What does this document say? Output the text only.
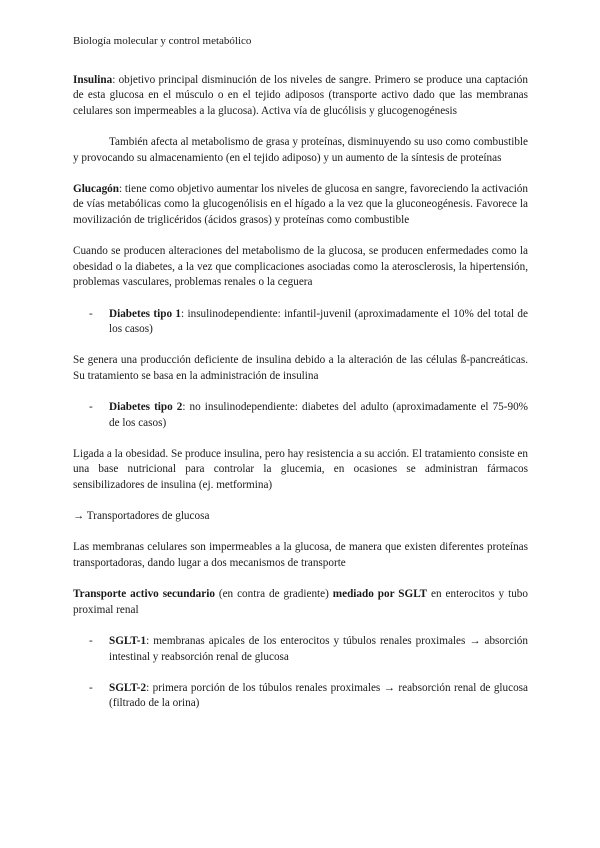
Biología molecular y control metabólico

Insulina: objetivo principal disminución de los niveles de sangre. Primero se produce una captación de esta glucosa en el músculo o en el tejido adiposos (transporte activo dado que las membranas celulares son impermeables a la glucosa). Activa vía de glucólisis y glucogenogénesis

También afecta al metabolismo de grasa y proteínas, disminuyendo su uso como combustible y provocando su almacenamiento (en el tejido adiposo) y un aumento de la síntesis de proteínas

Glucagón: tiene como objetivo aumentar los niveles de glucosa en sangre, favoreciendo la activación de vías metabólicas como la glucogenólisis en el hígado a la vez que la gluconeogénesis. Favorece la movilización de triglicéridos (ácidos grasos) y proteínas como combustible

Cuando se producen alteraciones del metabolismo de la glucosa, se producen enfermedades como la obesidad o la diabetes, a la vez que complicaciones asociadas como la aterosclerosis, la hipertensión, problemas vasculares, problemas renales o la ceguera

- Diabetes tipo 1: insulinodependiente: infantil-juvenil (aproximadamente el 10% del total de los casos)

Se genera una producción deficiente de insulina debido a la alteración de las células ß-pancreáticas. Su tratamiento se basa en la administración de insulina

- Diabetes tipo 2: no insulinodependiente: diabetes del adulto (aproximadamente el 75-90% de los casos)

Ligada a la obesidad. Se produce insulina, pero hay resistencia a su acción. El tratamiento consiste en una base nutricional para controlar la glucemia, en ocasiones se administran fármacos sensibilizadores de insulina (ej. metformina)

→ Transportadores de glucosa

Las membranas celulares son impermeables a la glucosa, de manera que existen diferentes proteínas transportadoras, dando lugar a dos mecanismos de transporte

Transporte activo secundario (en contra de gradiente) mediado por SGLT en enterocitos y tubo proximal renal

- SGLT-1: membranas apicales de los enterocitos y túbulos renales proximales → absorción intestinal y reabsorción renal de glucosa
- SGLT-2: primera porción de los túbulos renales proximales → reabsorción renal de glucosa (filtrado de la orina)
